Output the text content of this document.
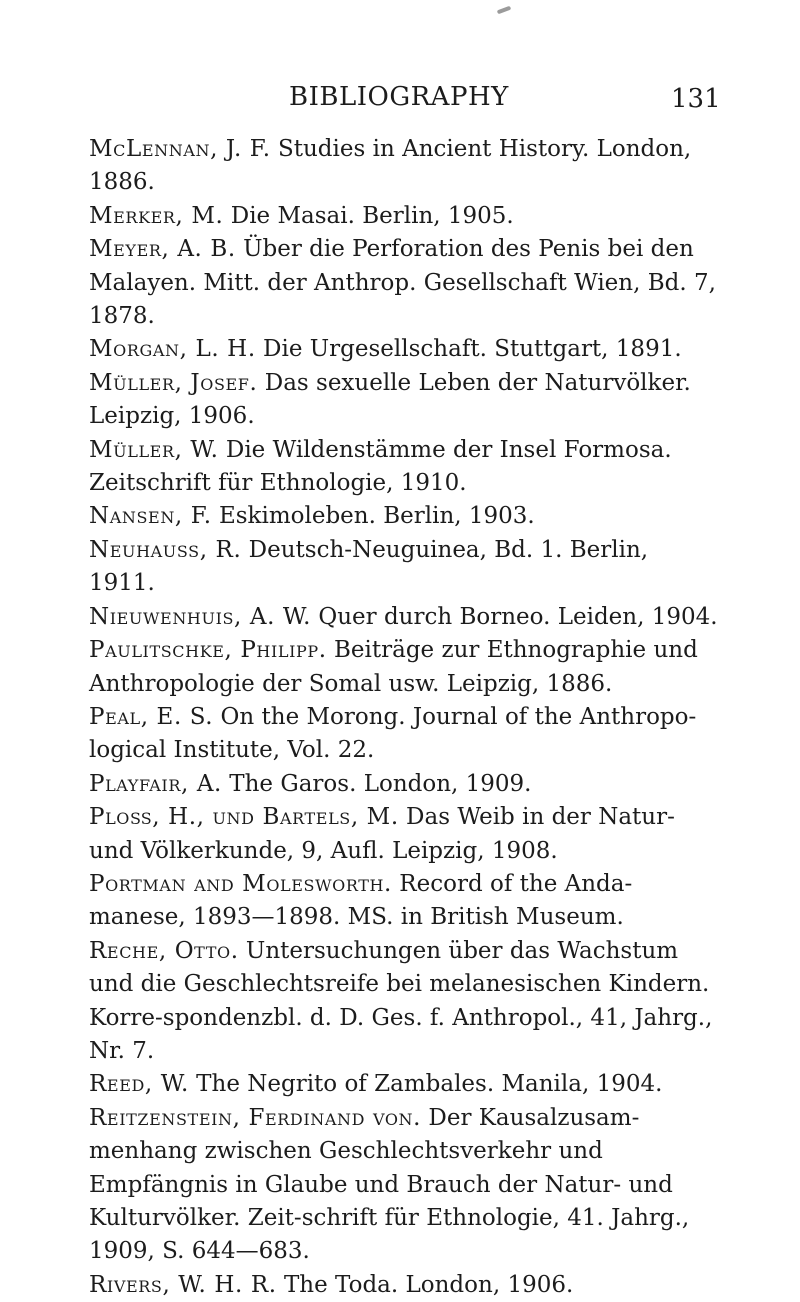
BIBLIOGRAPHY	131

McLennan, J. F. Studies in Ancient History. London, 1886.

Merker, M. Die Masai. Berlin, 1905.

Meyer, A. B. Über die Perforation des Penis bei den Malayen. Mitt. der Anthrop. Gesellschaft Wien, Bd. 7, 1878.

Morgan, L. H. Die Urgesellschaft. Stuttgart, 1891.

Müller, Josef. Das sexuelle Leben der Naturvölker. Leipzig, 1906.

Müller, W. Die Wildenstämme der Insel Formosa. Zeitschrift für Ethnologie, 1910.

Nansen, F. Eskimoleben. Berlin, 1903.

Neuhauss, R. Deutsch-Neuguinea, Bd. 1. Berlin, 1911.

Nieuwenhuis, A. W. Quer durch Borneo. Leiden, 1904.

Paulitschke, Philipp. Beiträge zur Ethnographie und Anthropologie der Somal usw. Leipzig, 1886.

Peal, E. S. On the Morong. Journal of the Anthropo-logical Institute, Vol. 22.

Playfair, A. The Garos. London, 1909.

Ploß, H., und Bartels, M. Das Weib in der Natur- und Völkerkunde, 9, Aufl. Leipzig, 1908.

Portman and Molesworth. Record of the Anda-manese, 1893—1898. MS. in British Museum.

Reche, Otto. Untersuchungen über das Wachstum und die Geschlechtsreife bei melanesischen Kindern. Korre-spondenzbl. d. D. Ges. f. Anthropol., 41, Jahrg., Nr. 7.

Reed, W. The Negrito of Zambales. Manila, 1904.

Reitzenstein, Ferdinand von. Der Kausalzusam-menhang zwischen Geschlechtsverkehr und Empfängnis in Glaube und Brauch der Natur- und Kulturvölker. Zeit-schrift für Ethnologie, 41. Jahrg., 1909, S. 644—683.

Rivers, W. H. R. The Toda. London, 1906.
